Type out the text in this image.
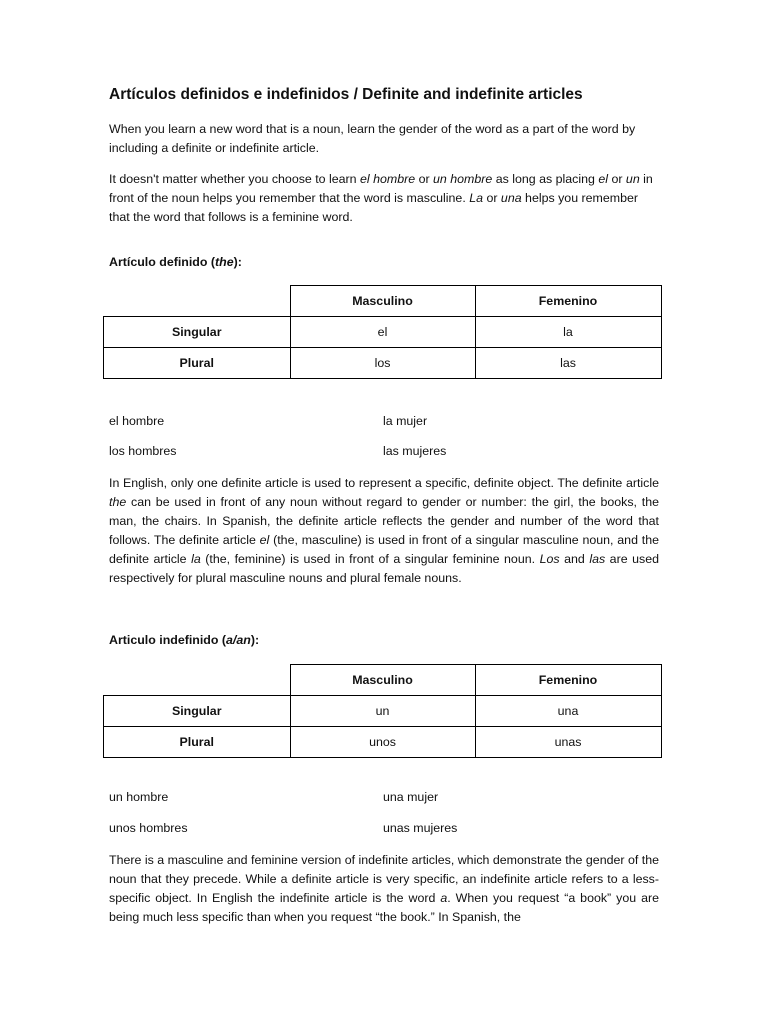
Artículos definidos e indefinidos / Definite and indefinite articles

When you learn a new word that is a noun, learn the gender of the word as a part of the word by including a definite or indefinite article.

It doesn't matter whether you choose to learn el hombre or un hombre as long as placing el or un in front of the noun helps you remember that the word is masculine. La or una helps you remember that the word that follows is a feminine word.

Artículo definido (the):
	Masculino	Femenino
Singular	el	la
Plural	los	las
el hombre	la mujer
los hombres	las mujeres

In English, only one definite article is used to represent a specific, definite object. The definite article the can be used in front of any noun without regard to gender or number: the girl, the books, the man, the chairs. In Spanish, the definite article reflects the gender and number of the word that follows. The definite article el (the, masculine) is used in front of a singular masculine noun, and the definite article la (the, feminine) is used in front of a singular feminine noun. Los and las are used respectively for plural masculine nouns and plural female nouns.

Articulo indefinido (a/an):
	Masculino	Femenino
Singular	un	una
Plural	unos	unas
un hombre	una mujer
unos hombres	unas mujeres

There is a masculine and feminine version of indefinite articles, which demonstrate the gender of the noun that they precede. While a definite article is very specific, an indefinite article refers to a less-specific object. In English the indefinite article is the word a. When you request “a book” you are being much less specific than when you request “the book.” In Spanish, the
